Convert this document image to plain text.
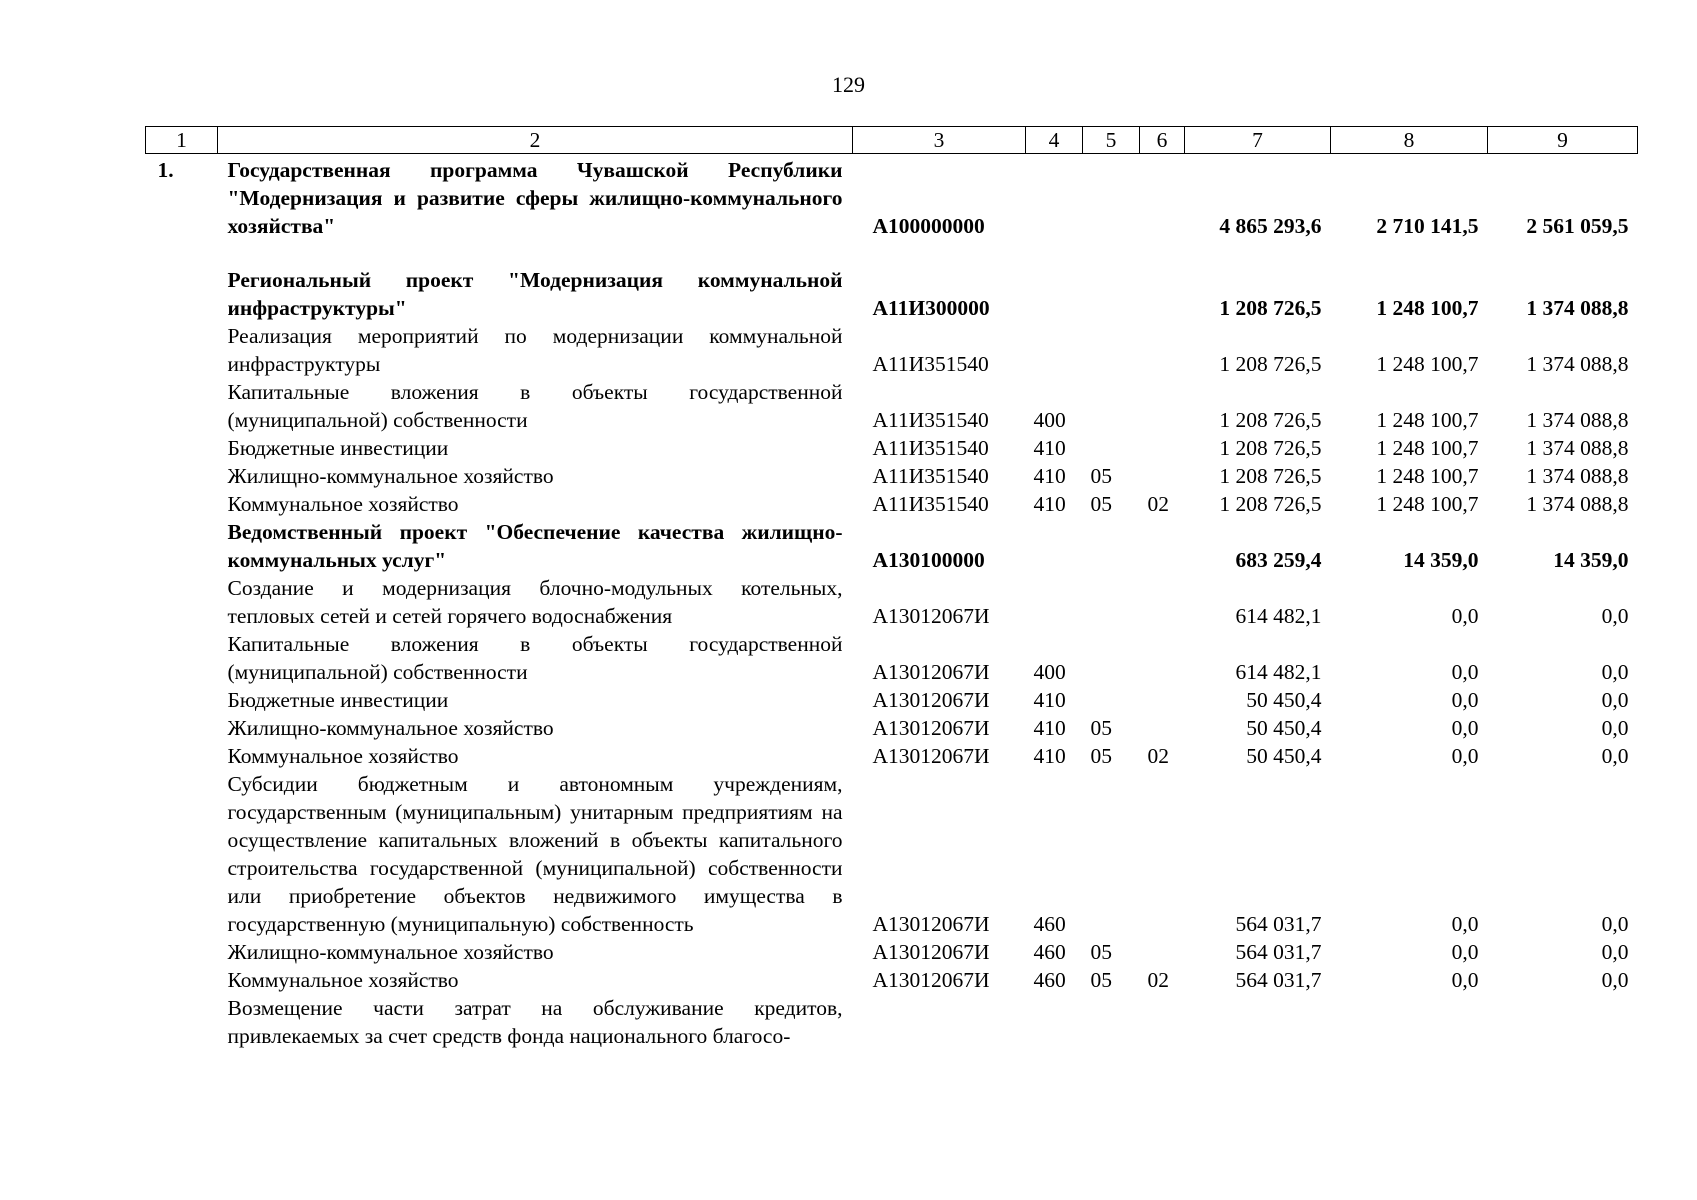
129
1	2	3	4	5	6	7	8	9
1.	Государственная программа Чувашской Республики "Модернизация и развитие сферы жилищно-коммунального хозяйства"	A100000000				4 865 293,6	2 710 141,5	2 561 059,5

	Региональный проект "Модернизация коммунальной инфраструктуры"	A11И300000				1 208 726,5	1 248 100,7	1 374 088,8
	Реализация мероприятий по модернизации коммунальной инфраструктуры	A11И351540				1 208 726,5	1 248 100,7	1 374 088,8
	Капитальные вложения в объекты государственной (муниципальной) собственности	A11И351540	400			1 208 726,5	1 248 100,7	1 374 088,8
	Бюджетные инвестиции	A11И351540	410			1 208 726,5	1 248 100,7	1 374 088,8
	Жилищно-коммунальное хозяйство	A11И351540	410	05		1 208 726,5	1 248 100,7	1 374 088,8
	Коммунальное хозяйство	A11И351540	410	05	02	1 208 726,5	1 248 100,7	1 374 088,8
	Ведомственный проект "Обеспечение качества жилищно-коммунальных услуг"	A130100000				683 259,4	14 359,0	14 359,0
	Создание и модернизация блочно-модульных котельных, тепловых сетей и сетей горячего водоснабжения	A13012067И				614 482,1	0,0	0,0
	Капитальные вложения в объекты государственной (муниципальной) собственности	A13012067И	400			614 482,1	0,0	0,0
	Бюджетные инвестиции	A13012067И	410			50 450,4	0,0	0,0
	Жилищно-коммунальное хозяйство	A13012067И	410	05		50 450,4	0,0	0,0
	Коммунальное хозяйство	A13012067И	410	05	02	50 450,4	0,0	0,0
	Субсидии бюджетным и автономным учреждениям, государственным (муниципальным) унитарным предприятиям на осуществление капитальных вложений в объекты капитального строительства государственной (муниципальной) собственности или приобретение объектов недвижимого имущества в государственную (муниципальную) собственность	A13012067И	460			564 031,7	0,0	0,0
	Жилищно-коммунальное хозяйство	A13012067И	460	05		564 031,7	0,0	0,0
	Коммунальное хозяйство	A13012067И	460	05	02	564 031,7	0,0	0,0
	Возмещение части затрат на обслуживание кредитов, привлекаемых за счет средств фонда национального благосо-							
